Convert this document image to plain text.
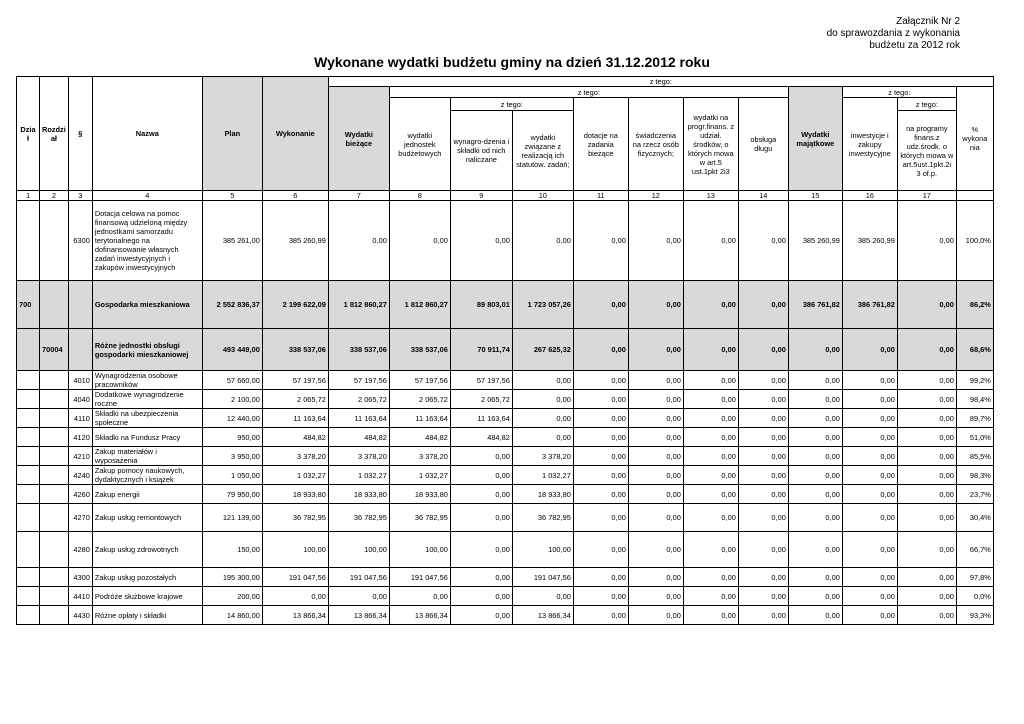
Załącznik Nr 2
do sprawozdania z wykonania
budżetu za 2012 rok
Wykonane wydatki budżetu gminy na dzień 31.12.2012 roku
Dzia ł	Rozdzi ał	§	Nazwa	Plan	Wykonanie	z tego:											
						Wydatki bieżące	z tego:							Wydatki majątkowe	z tego:		% wykona nia
							wydatki jednostek budżetowych	z tego:		dotacje na zadania bieżące	świadczenia na rzecz osób fizycznych;	wydatki na progr.finans. z udział. środków, o których mowa w art.5 ust.1pkt 2i3	obsługa długu		inwestycje i zakupy inwestycyjne	z tego:	
								wynagro-dzenia i składki od nich naliczane	wydatki związane z realizacją ich statutow. zadań;							na programy finans.z udz.środk. o których mowa w art.5ust.1pkt.2i 3 of.p.	

1	2	3	4	5	6	7	8	9	10	11	12	13	14	15	16	17	
		6300	Dotacja celowa na pomoc finansową udzieloną między jednostkami samorzadu terytorialnego na dofinansowanie własnych zadań inwestycyjnych i zakupów inwestycyjnych	385 261,00	385 260,99	0,00	0,00	0,00	0,00	0,00	0,00	0,00	0,00	385 260,99	385 260,99	0,00	100,0%
700			Gospodarka mieszkaniowa	2 552 836,37	2 199 622,09	1 812 860,27	1 812 860,27	89 803,01	1 723 057,26	0,00	0,00	0,00	0,00	386 761,82	386 761,82	0,00	86,2%
	70004		Różne jednostki obsługi gospodarki mieszkaniowej	493 449,00	338 537,06	338 537,06	338 537,06	70 911,74	267 625,32	0,00	0,00	0,00	0,00	0,00	0,00	0,00	68,6%
		4010	Wynagrodzenia osobowe pracowników	57 660,00	57 197,56	57 197,56	57 197,56	57 197,56	0,00	0,00	0,00	0,00	0,00	0,00	0,00	0,00	99,2%
		4040	Dodatkowe wynagrodzenie roczne	2 100,00	2 065,72	2 065,72	2 065,72	2 065,72	0,00	0,00	0,00	0,00	0,00	0,00	0,00	0,00	98,4%
		4110	Składki na ubezpieczenia społeczne	12 440,00	11 163,64	11 163,64	11 163,64	11 163,64	0,00	0,00	0,00	0,00	0,00	0,00	0,00	0,00	89,7%
		4120	Składki na Fundusz Pracy	950,00	484,82	484,82	484,82	484,82	0,00	0,00	0,00	0,00	0,00	0,00	0,00	0,00	51,0%
		4210	Zakup materiałów i wyposażenia	3 950,00	3 378,20	3 378,20	3 378,20	0,00	3 378,20	0,00	0,00	0,00	0,00	0,00	0,00	0,00	85,5%
		4240	Zakup pomocy naukowych, dydaktycznych i książek	1 050,00	1 032,27	1 032,27	1 032,27	0,00	1 032,27	0,00	0,00	0,00	0,00	0,00	0,00	0,00	98,3%
		4260	Zakup energii	79 950,00	18 933,80	18 933,80	18 933,80	0,00	18 933,80	0,00	0,00	0,00	0,00	0,00	0,00	0,00	23,7%
		4270	Zakup usług remontowych	121 139,00	36 782,95	36 782,95	36 782,95	0,00	36 782,95	0,00	0,00	0,00	0,00	0,00	0,00	0,00	30,4%
		4280	Zakup usług zdrowotnych	150,00	100,00	100,00	100,00	0,00	100,00	0,00	0,00	0,00	0,00	0,00	0,00	0,00	66,7%
		4300	Zakup usług pozostałych	195 300,00	191 047,56	191 047,56	191 047,56	0,00	191 047,56	0,00	0,00	0,00	0,00	0,00	0,00	0,00	97,8%
		4410	Podróże służbowe krajowe	200,00	0,00	0,00	0,00	0,00	0,00	0,00	0,00	0,00	0,00	0,00	0,00	0,00	0,0%
		4430	Różne opłaty i składki	14 860,00	13 866,34	13 866,34	13 866,34	0,00	13 866,34	0,00	0,00	0,00	0,00	0,00	0,00	0,00	93,3%
